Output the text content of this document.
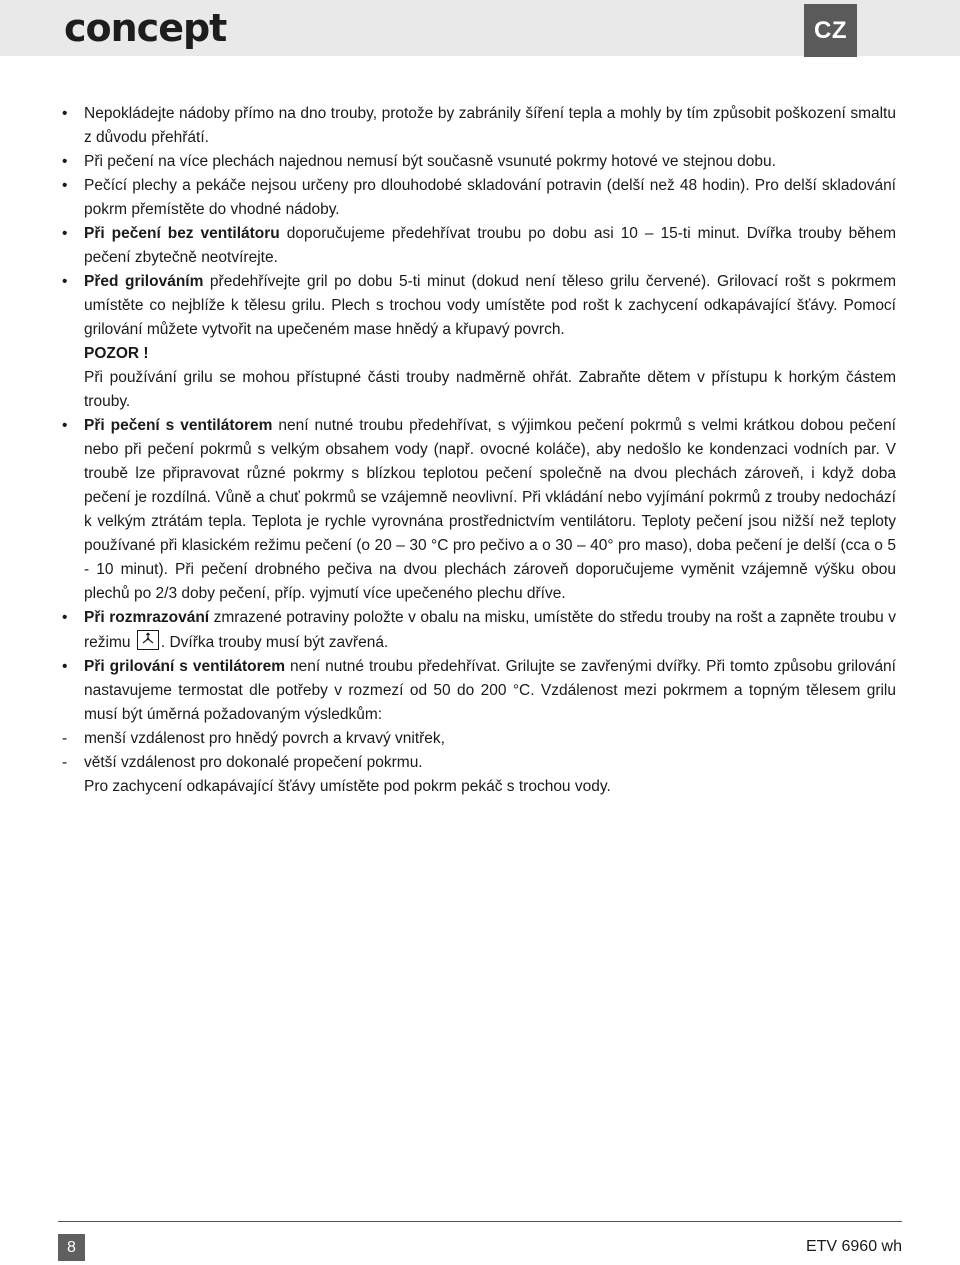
concept	CZ
• Nepokládejte nádoby přímo na dno trouby, protože by zabránily šíření tepla a mohly by tím způsobit poškození smaltu z důvodu přehřátí.
• Při pečení na více plechách najednou nemusí být současně vsunuté pokrmy hotové ve stejnou dobu.
• Pečící plechy a pekáče nejsou určeny pro dlouhodobé skladování potravin (delší než 48 hodin). Pro delší skladování pokrm přemístěte do vhodné nádoby.
• Při pečení bez ventilátoru doporučujeme předehřívat troubu po dobu asi 10 – 15-ti minut. Dvířka trouby během pečení zbytečně neotvírejte.
• Před grilováním předehřívejte gril po dobu 5-ti minut (dokud není těleso grilu červené). Grilovací rošt s pokrmem umístěte co nejblíže k tělesu grilu. Plech s trochou vody umístěte pod rošt k zachycení odkapávající šťávy. Pomocí grilování můžete vytvořit na upečeném mase hnědý a křupavý povrch.
POZOR !
Při používání grilu se mohou přístupné části trouby nadměrně ohřát. Zabraňte dětem v přístupu k horkým částem trouby.
• Při pečení s ventilátorem není nutné troubu předehřívat, s výjimkou pečení pokrmů s velmi krátkou dobou pečení nebo při pečení pokrmů s velkým obsahem vody (např. ovocné koláče), aby nedošlo ke kondenzaci vodních par. V troubě lze připravovat různé pokrmy s blízkou teplotou pečení společně na dvou plechách zároveň, i když doba pečení je rozdílná. Vůně a chuť pokrmů se vzájemně neovlivní. Při vkládání nebo vyjímání pokrmů z trouby nedochází k velkým ztrátám tepla. Teplota je rychle vyrovnána prostřednictvím ventilátoru. Teploty pečení jsou nižší než teploty používané při klasickém režimu pečení (o 20 – 30 °C pro pečivo a o 30 – 40° pro maso), doba pečení je delší (cca o 5 - 10 minut). Při pečení drobného pečiva na dvou plechách zároveň doporučujeme vyměnit vzájemně výšku obou plechů po 2/3 doby pečení, příp. vyjmutí více upečeného plechu dříve.
• Při rozmrazování zmrazené potraviny položte v obalu na misku, umístěte do středu trouby na rošt a zapněte troubu v režimu
. Dvířka trouby musí být zavřená.
• Při grilování s ventilátorem není nutné troubu předehřívat. Grilujte se zavřenými dvířky. Při tomto způsobu grilování nastavujeme termostat dle potřeby v rozmezí od 50 do 200 °C. Vzdálenost mezi pokrmem a topným tělesem grilu musí být úměrná požadovaným výsledkům:
- menší vzdálenost pro hnědý povrch a krvavý vnitřek,
- větší vzdálenost pro dokonalé propečení pokrmu.
Pro zachycení odkapávající šťávy umístěte pod pokrm pekáč s trochou vody.
8	ETV 6960 wh
